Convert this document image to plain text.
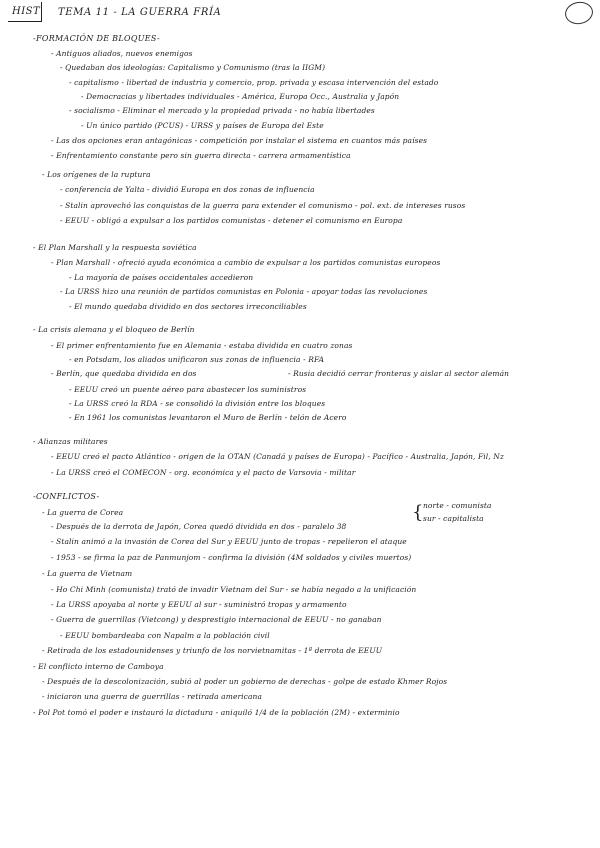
HIST TEMA 11 - LA GUERRA FRÍA
-FORMACIÓN DE BLOQUES-
- Antiguos aliados, nuevos enemigos
- Quedaban dos ideologías: Capitalismo y Comunismo (tras la IIGM)
- capitalismo - libertad de industria y comercio, prop. privada y escasa intervención del estado
- Democracias y libertades individuales - América, Europa Occ., Australia y Japón
- socialismo - Eliminar el mercado y la propiedad privada - no había libertades
- Un único partido (PCUS) - URSS y países de Europa del Este
- Las dos opciones eran antagónicas - competición por instalar el sistema en cuantos más países
- Enfrentamiento constante pero sin guerra directa - carrera armamentística
- Los orígenes de la ruptura
- conferencia de Yalta - dividió Europa en dos zonas de influencia
- Stalin aprovechó las conquistas de la guerra para extender el comunismo - pol. ext. de intereses rusos
- EEUU - obligó a expulsar a los partidos comunistas - detener el comunismo en Europa
- El Plan Marshall y la respuesta soviética
- Plan Marshall - ofreció ayuda económica a cambio de expulsar a los partidos comunistas europeos
- La mayoría de países occidentales accedieron
- La URSS hizo una reunión de partidos comunistas en Polonia - apoyar todas las revoluciones
- El mundo quedaba dividido en dos sectores irreconciliables
- La crisis alemana y el bloqueo de Berlín
- El primer enfrentamiento fue en Alemania - estaba dividida en cuatro zonas
- en Potsdam, los aliados unificaron sus zonas de influencia - RFA
- Rusia decidió cerrar fronteras y aislar al sector alemán
- Berlín, que quedaba dividida en dos
- EEUU creó un puente aéreo para abastecer los suministros
- La URSS creó la RDA - se consolidó la división entre los bloques
- En 1961 los comunistas levantaron el Muro de Berlín - telón de Acero
- Alianzas militares
- EEUU creó el pacto Atlántico - origen de la OTAN (Canadá y países de Europa) - Pacífico - Australia, Japón, Fil, Nz
- La URSS creó el COMECON - org. económica y el pacto de Varsovia - militar
-CONFLICTOS-
- La guerra de Corea
norte - comunista
sur - capitalista
- Después de la derrota de Japón, Corea quedó dividida en dos - paralelo 38
- Stalin animó a la invasión de Corea del Sur y EEUU junto de tropas - repelieron el ataque
- 1953 - se firma la paz de Panmunjom - confirma la división (4M soldados y civiles muertos)
- La guerra de Vietnam
- Ho Chi Minh (comunista) trató de invadir Vietnam del Sur - se había negado a la unificación
- La URSS apoyaba al norte y EEUU al sur - suministró tropas y armamento
- Guerra de guerrillas (Vietcong) y desprestigio internacional de EEUU - no ganaban
- EEUU bombardeaba con Napalm a la población civil
- Retirada de los estadounidenses y triunfo de los norvietnamitas - 1ª derrota de EEUU
- El conflicto interno de Camboya
- Después de la descolonización, subió al poder un gobierno de derechas - golpe de estado Khmer Rojos
- iniciaron una guerra de guerrillas - retirada americana
- Pol Pot tomó el poder e instauró la dictadura - aniquiló 1/4 de la población (2M) - exterminio
{
